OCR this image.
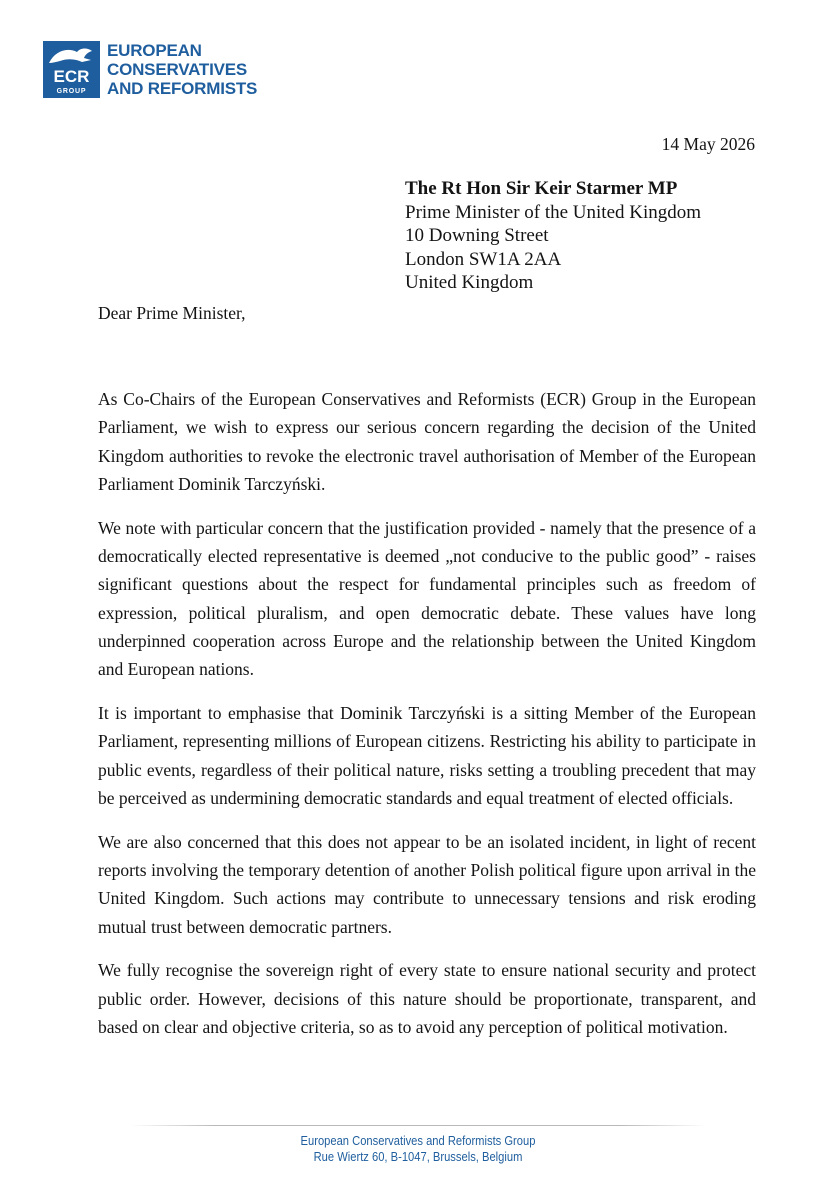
ECR
GROUP
EUROPEAN
CONSERVATIVES
AND REFORMISTS
14 May 2026
The Rt Hon Sir Keir Starmer MP
Prime Minister of the United Kingdom
10 Downing Street
London SW1A 2AA
United Kingdom
Dear Prime Minister,

As Co-Chairs of the European Conservatives and Reformists (ECR) Group in the European Parliament, we wish to express our serious concern regarding the decision of the United Kingdom authorities to revoke the electronic travel authorisation of Member of the European Parliament Dominik Tarczyński.

We note with particular concern that the justification provided - namely that the presence of a democratically elected representative is deemed „not conducive to the public good” - raises significant questions about the respect for fundamental principles such as freedom of expression, political pluralism, and open democratic debate. These values have long underpinned cooperation across Europe and the relationship between the United Kingdom and European nations.

It is important to emphasise that Dominik Tarczyński is a sitting Member of the European Parliament, representing millions of European citizens. Restricting his ability to participate in public events, regardless of their political nature, risks setting a troubling precedent that may be perceived as undermining democratic standards and equal treatment of elected officials.

We are also concerned that this does not appear to be an isolated incident, in light of recent reports involving the temporary detention of another Polish political figure upon arrival in the United Kingdom. Such actions may contribute to unnecessary tensions and risk eroding mutual trust between democratic partners.

We fully recognise the sovereign right of every state to ensure national security and protect public order. However, decisions of this nature should be proportionate, transparent, and based on clear and objective criteria, so as to avoid any perception of political motivation.

European Conservatives and Reformists Group
Rue Wiertz 60, B-1047, Brussels, Belgium
